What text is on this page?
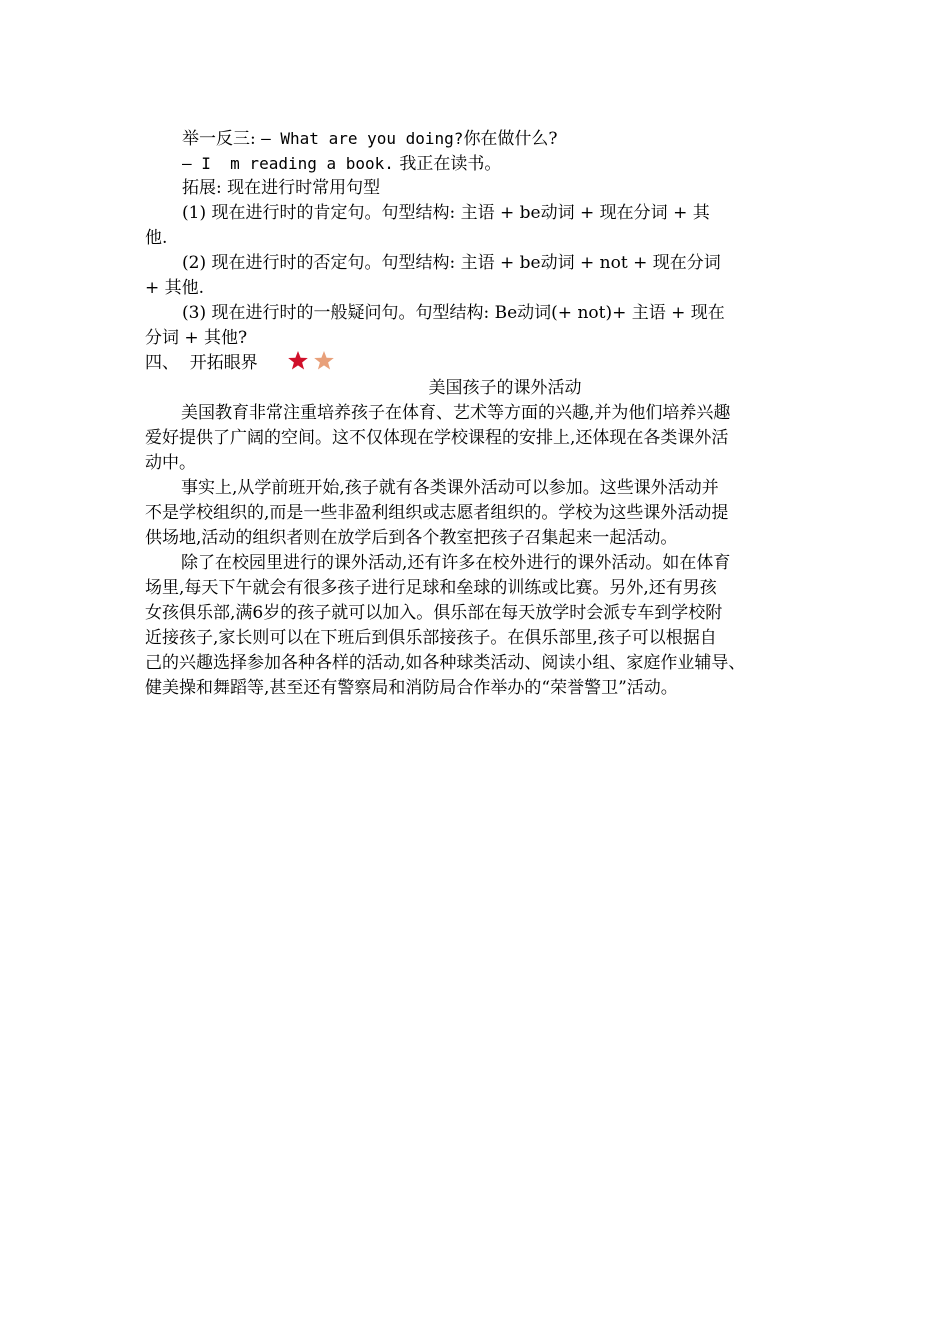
举一反三: — What are you doing?你在做什么?
— I  m reading a book. 我正在读书。
拓展: 现在进行时常用句型
(1) 现在进行时的肯定句。句型结构: 主语 + be动词 + 现在分词 + 其
他.
(2) 现在进行时的否定句。句型结构: 主语 + be动词 + not + 现在分词
+ 其他.
(3) 现在进行时的一般疑问句。句型结构: Be动词(+ not)+ 主语 + 现在
分词 + 其他?
四、  开拓眼界
美国孩子的课外活动
美国教育非常注重培养孩子在体育、艺术等方面的兴趣,并为他们培养兴趣
爱好提供了广阔的空间。这不仅体现在学校课程的安排上,还体现在各类课外活
动中。
事实上,从学前班开始,孩子就有各类课外活动可以参加。这些课外活动并
不是学校组织的,而是一些非盈利组织或志愿者组织的。学校为这些课外活动提
供场地,活动的组织者则在放学后到各个教室把孩子召集起来一起活动。
除了在校园里进行的课外活动,还有许多在校外进行的课外活动。如在体育
场里,每天下午就会有很多孩子进行足球和垒球的训练或比赛。另外,还有男孩
女孩俱乐部,满6岁的孩子就可以加入。俱乐部在每天放学时会派专车到学校附
近接孩子,家长则可以在下班后到俱乐部接孩子。在俱乐部里,孩子可以根据自
己的兴趣选择参加各种各样的活动,如各种球类活动、阅读小组、家庭作业辅导、
健美操和舞蹈等,甚至还有警察局和消防局合作举办的“荣誉警卫”活动。
